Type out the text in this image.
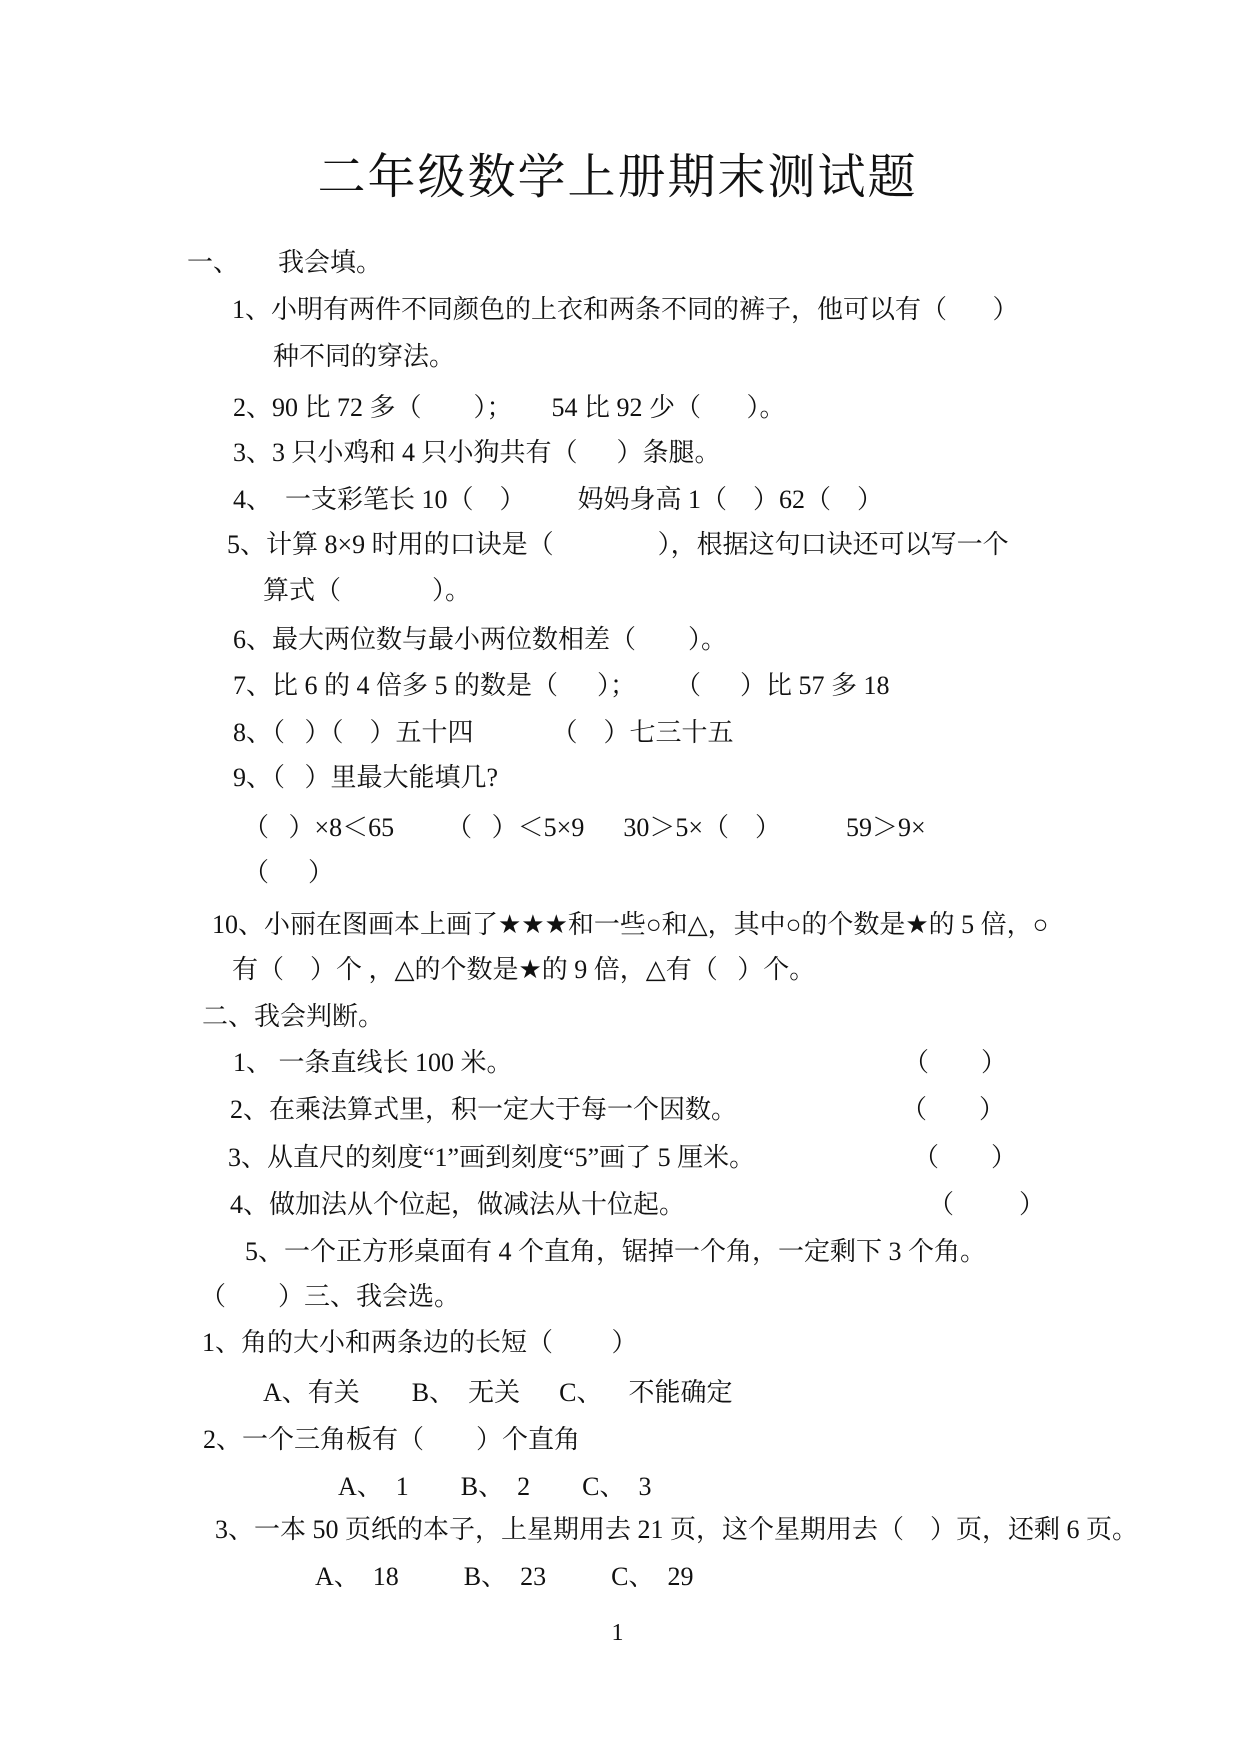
二年级数学上册期末测试题
一、      我会填。
1、小明有两件不同颜色的上衣和两条不同的裤子，他可以有（       ）
种不同的穿法。
2、90 比 72 多（        ）；      54 比 92 少（       ）。
3、3 只小鸡和 4 只小狗共有（      ）条腿。
4、  一支彩笔长 10（    ）        妈妈身高 1（    ）62（    ）
5、计算 8×9 时用的口诀是（                ），根据这句口诀还可以写一个
算式（              ）。
6、最大两位数与最小两位数相差（        ）。
7、比 6 的 4 倍多 5 的数是（      ）；      （      ）比 57 多 18
8、（   ）（    ）五十四            （    ）七三十五
9、（   ）里最大能填几?
（   ）×8＜65        （   ）＜5×9      30＞5×（    ）          59＞9×
（      ）
10、小丽在图画本上画了★★★和一些○和△，其中○的个数是★的 5 倍，○
有（    ）个 ，△的个数是★的 9 倍，△有（   ）个。
二、我会判断。
1、 一条直线长 100 米。	（        ）
2、在乘法算式里，积一定大于每一个因数。	（        ）
3、从直尺的刻度“1”画到刻度“5”画了 5 厘米。	（        ）
4、做加法从个位起，做减法从十位起。	（          ）
5、一个正方形桌面有 4 个直角，锯掉一个角，一定剩下 3 个角。
（        ）三、我会选。
1、角的大小和两条边的长短（         ）
A、有关        B、  无关      C、    不能确定
2、一个三角板有（        ）个直角
A、  1        B、  2        C、  3
3、一本 50 页纸的本子，上星期用去 21 页，这个星期用去（    ）页，还剩 6 页。
A、  18          B、  23          C、  29
1
